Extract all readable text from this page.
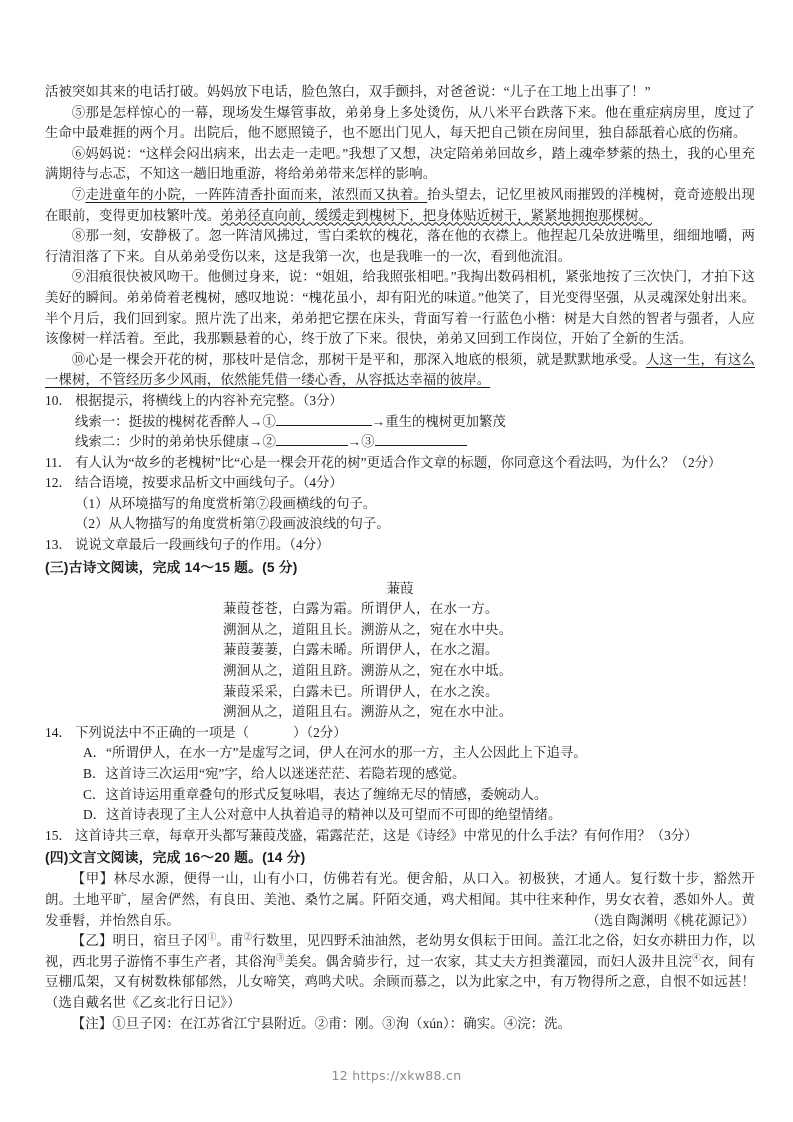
活被突如其来的电话打破。妈妈放下电话，脸色煞白，双手颤抖，对爸爸说：“儿子在工地上出事了！”

⑤那是怎样惊心的一幕，现场发生爆管事故，弟弟身上多处烫伤，从八米平台跌落下来。他在重症病房里，度过了生命中最难捱的两个月。出院后，他不愿照镜子，也不愿出门见人，每天把自己锁在房间里，独自舔舐着心底的伤痛。

⑥妈妈说：“这样会闷出病来，出去走一走吧。”我想了又想，决定陪弟弟回故乡，踏上魂牵梦萦的热土，我的心里充满期待与忐忑，不知这一趟旧地重游，将给弟弟带来怎样的影响。

⑦走进童年的小院，一阵阵清香扑面而来，浓烈而又执着。抬头望去，记忆里被风雨摧毁的洋槐树，竟奇迹般出现在眼前，变得更加枝繁叶茂。弟弟径直向前，缓缓走到槐树下，把身体贴近树干，紧紧地拥抱那棵树。

⑧那一刻，安静极了。忽一阵清风拂过，雪白柔软的槐花，落在他的衣襟上。他捏起几朵放进嘴里，细细地嚼，两行清泪落了下来。自从弟弟受伤以来，这是我第一次，也是我唯一的一次，看到他流泪。

⑨泪痕很快被风吻干。他侧过身来，说：“姐姐，给我照张相吧。”我掏出数码相机，紧张地按了三次快门，才拍下这美好的瞬间。弟弟倚着老槐树，感叹地说：“槐花虽小，却有阳光的味道。”他笑了，目光变得坚强，从灵魂深处射出来。半个月后，我们回到家。照片洗了出来，弟弟把它摆在床头，背面写着一行蓝色小楷：树是大自然的智者与强者，人应该像树一样活着。至此，我那颗悬着的心，终于放了下来。很快，弟弟又回到工作岗位，开始了全新的生活。

⑩心是一棵会开花的树，那枝叶是信念，那树干是平和，那深入地底的根须，就是默默地承受。人这一生，有这么一棵树，不管经历多少风雨，依然能凭借一缕心香，从容抵达幸福的彼岸。

10． 根据提示，将横线上的内容补充完整。（3分）

线索一：挺拔的槐树花香醉人→①	→重生的槐树更加繁茂

线索二：少时的弟弟快乐健康→②	→③

11． 有人认为“故乡的老槐树”比“心是一棵会开花的树”更适合作文章的标题，你同意这个看法吗，为什么？（2分）

12． 结合语境，按要求品析文中画线句子。（4分）

（1）从环境描写的角度赏析第⑦段画横线的句子。

（2）从人物描写的角度赏析第⑦段画波浪线的句子。

13． 说说文章最后一段画线句子的作用。（4分）

(三)古诗文阅读，完成 14～15 题。(5 分)

蒹葭

蒹葭苍苍，白露为霜。所谓伊人，在水一方。

溯洄从之，道阻且长。溯游从之，宛在水中央。

蒹葭萋萋，白露未晞。所谓伊人，在水之湄。

溯洄从之，道阻且跻。溯游从之，宛在水中坻。

蒹葭采采，白露未已。所谓伊人，在水之涘。

溯洄从之，道阻且右。溯游从之，宛在水中沚。

14． 下列说法中不正确的一项是（	）（2分）

A．“所谓伊人，在水一方”是虚写之词，伊人在河水的那一方，主人公因此上下追寻。

B．这首诗三次运用“宛”字，给人以迷迷茫茫、若隐若现的感觉。

C．这首诗运用重章叠句的形式反复咏唱，表达了缠绵无尽的情感，委婉动人。

D．这首诗表现了主人公对意中人执着追寻的精神以及可望而不可即的绝望情绪。

15． 这首诗共三章，每章开头都写蒹葭茂盛，霜露茫茫，这是《诗经》中常见的什么手法？有何作用？（3分）

(四)文言文阅读，完成 16～20 题。(14 分)

【甲】林尽水源，便得一山，山有小口，仿佛若有光。便舍船，从口入。初极狭，才通人。复行数十步，豁然开朗。土地平旷，屋舍俨然，有良田、美池、桑竹之属。阡陌交通，鸡犬相闻。其中往来种作，男女衣着，悉如外人。黄发垂髫，并怡然自乐。	（选自陶渊明《桃花源记》）

【乙】明日，宿旦子冈①。甫②行数里，见四野禾油油然，老幼男女俱耘于田间。盖江北之俗，妇女亦耕田力作，以视，西北男子游惰不事生产者，其俗洵③美矣。偶舍骑步行，过一农家，其丈夫方担粪灌园，而妇人汲井且浣④衣，间有豆棚瓜架，又有树数株郁郁然，儿女啼笑，鸡鸣犬吠。余顾而慕之，以为此家之中，有万物得所之意，自恨不如远甚！（选自戴名世《乙亥北行日记》）

【注】①旦子冈：在江苏省江宁县附近。②甫：刚。③洵（xún）：确实。④浣：洗。

12 https://xkw88.cn
